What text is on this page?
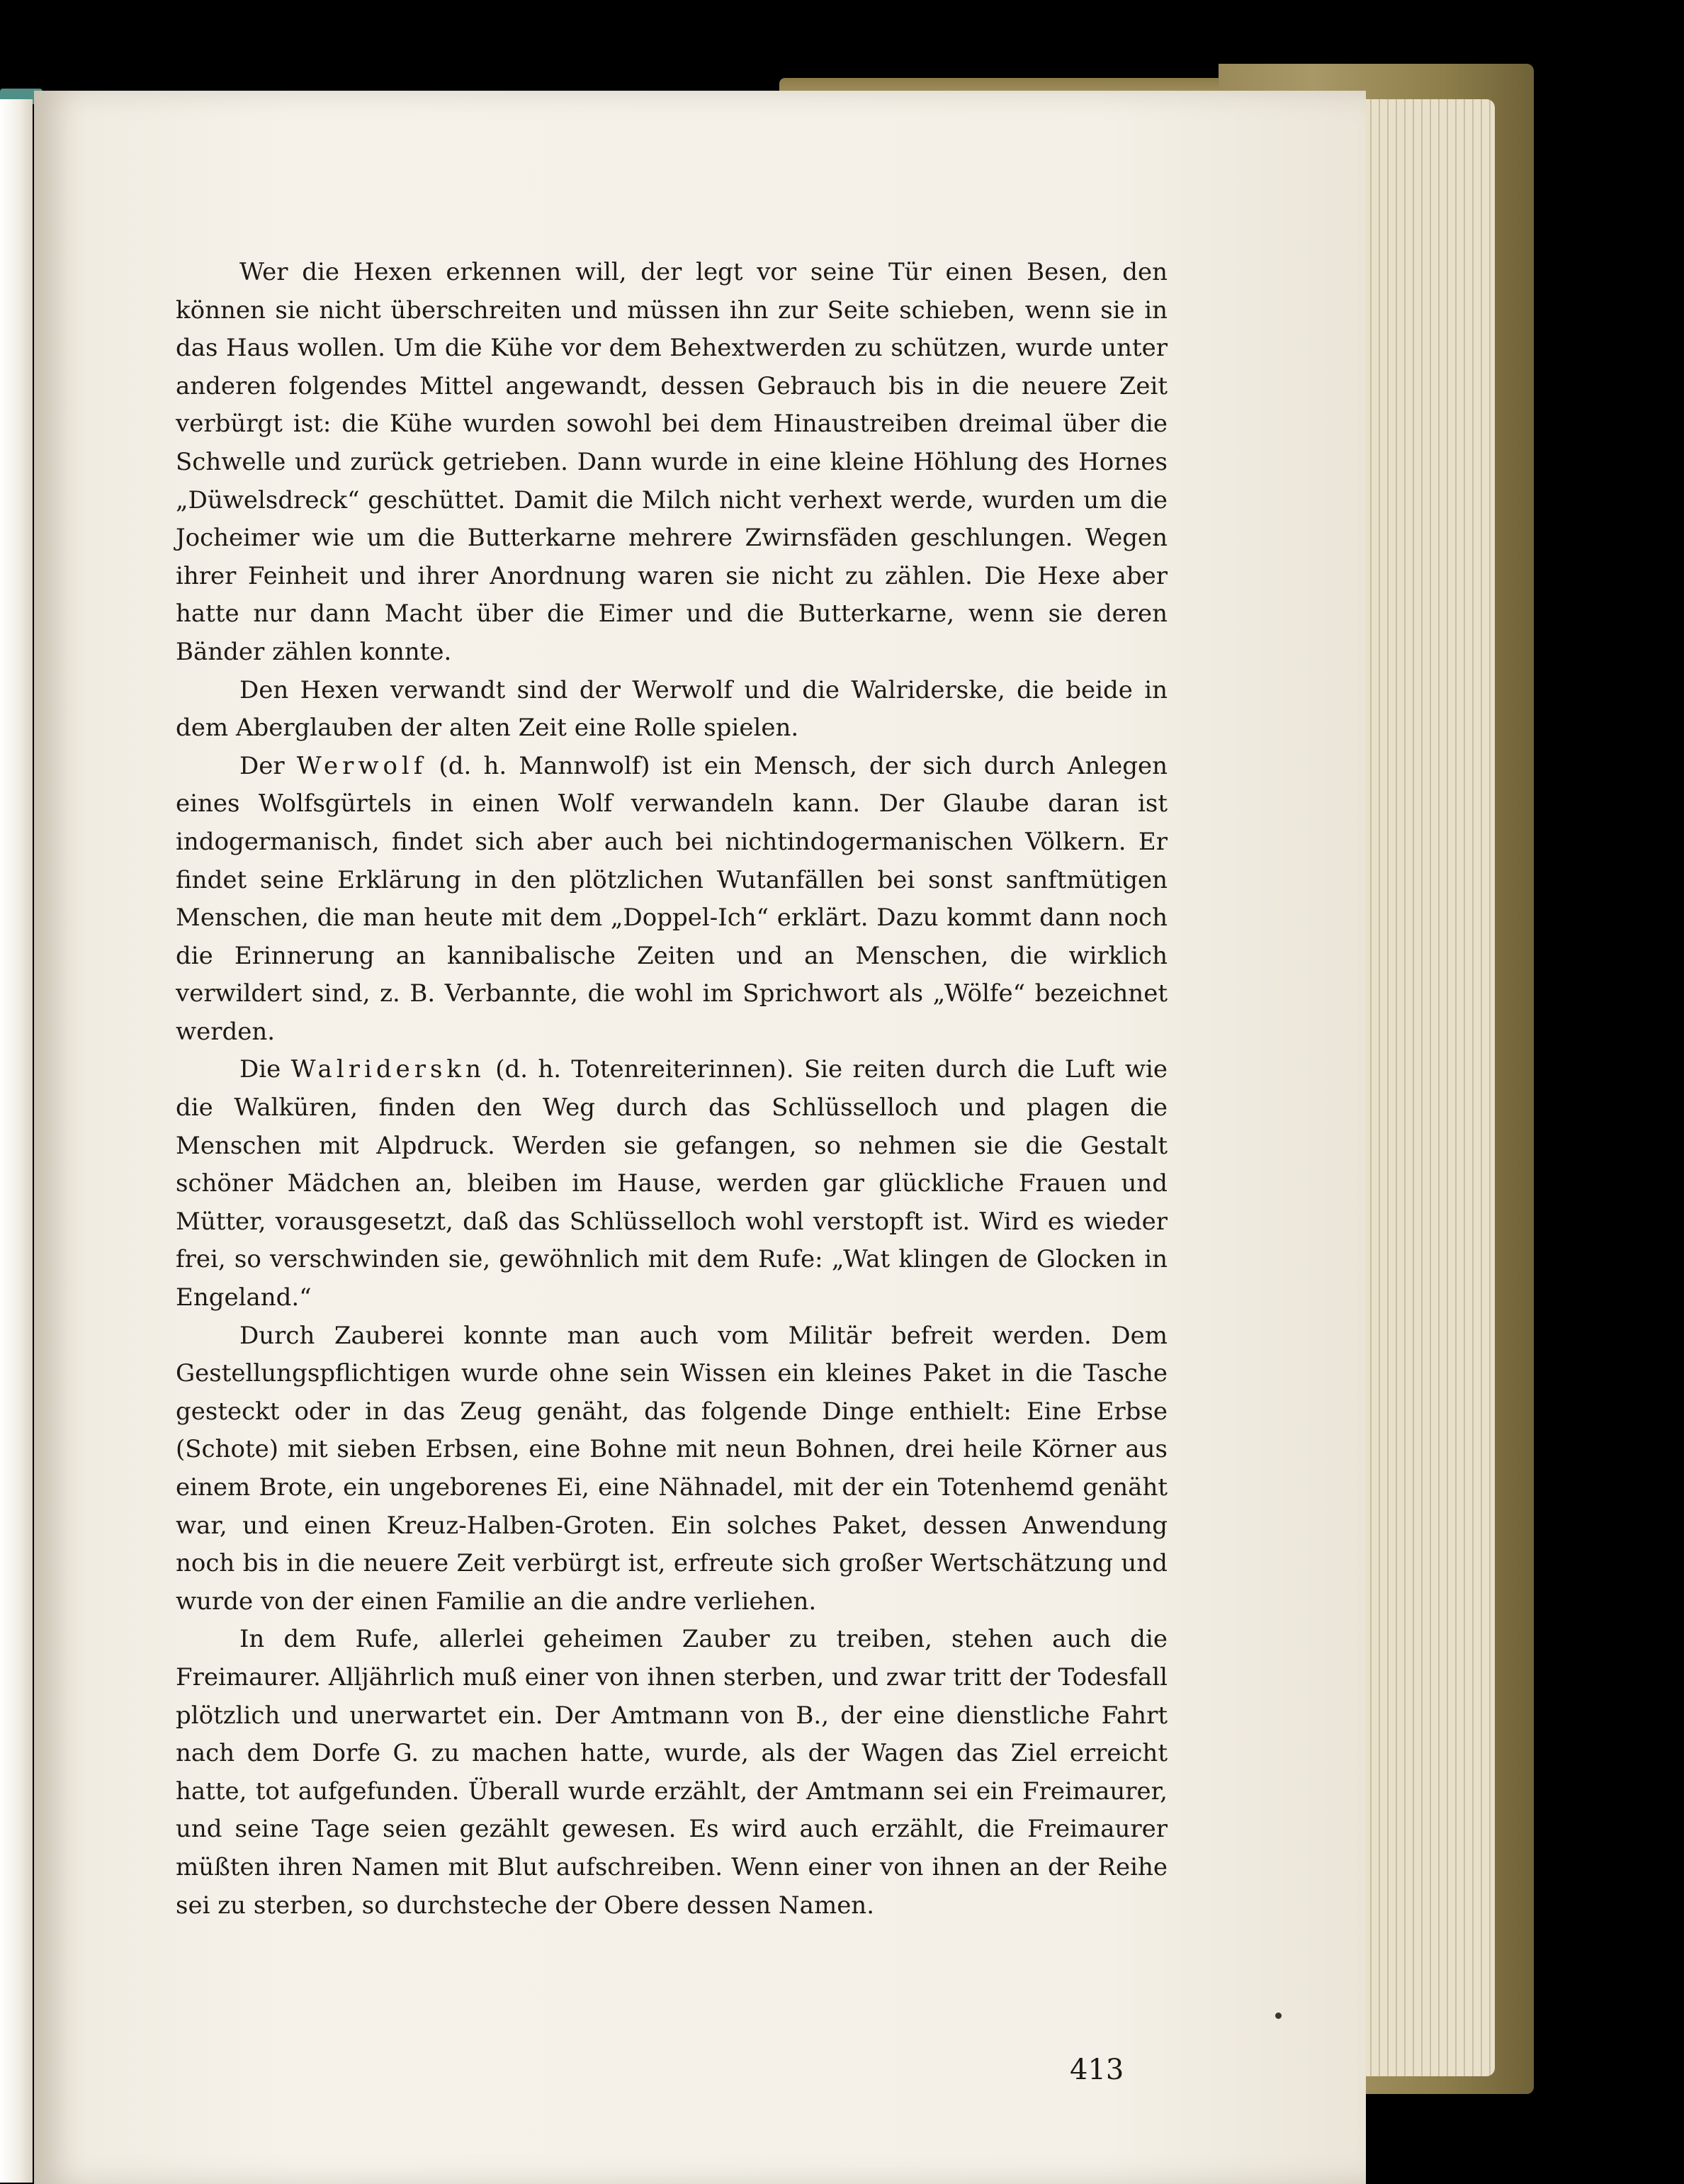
Wer die Hexen erkennen will, der legt vor seine Tür einen Besen, den können sie nicht überschreiten und müssen ihn zur Seite schieben, wenn sie in das Haus wollen. Um die Kühe vor dem Behextwerden zu schützen, wurde unter anderen folgendes Mittel angewandt, dessen Gebrauch bis in die neuere Zeit verbürgt ist: die Kühe wurden sowohl bei dem Hinaustreiben dreimal über die Schwelle und zurück getrieben. Dann wurde in eine kleine Höhlung des Hornes „Düwelsdreck“ geschüttet. Damit die Milch nicht verhext werde, wurden um die Jocheimer wie um die Butterkarne mehrere Zwirnsfäden geschlungen. Wegen ihrer Feinheit und ihrer Anordnung waren sie nicht zu zählen. Die Hexe aber hatte nur dann Macht über die Eimer und die Butterkarne, wenn sie deren Bänder zählen konnte.

Den Hexen verwandt sind der Werwolf und die Walriderske, die beide in dem Aberglauben der alten Zeit eine Rolle spielen.

Der Werwolf (d. h. Mannwolf) ist ein Mensch, der sich durch Anlegen eines Wolfsgürtels in einen Wolf verwandeln kann. Der Glaube daran ist indogermanisch, findet sich aber auch bei nichtindogermanischen Völkern. Er findet seine Erklärung in den plötzlichen Wutanfällen bei sonst sanftmütigen Menschen, die man heute mit dem „Doppel-Ich“ erklärt. Dazu kommt dann noch die Erinnerung an kannibalische Zeiten und an Menschen, die wirklich verwildert sind, z. B. Verbannte, die wohl im Sprichwort als „Wölfe“ bezeichnet werden.

Die Walriderskn (d. h. Totenreiterinnen). Sie reiten durch die Luft wie die Walküren, finden den Weg durch das Schlüsselloch und plagen die Menschen mit Alpdruck. Werden sie gefangen, so nehmen sie die Gestalt schöner Mädchen an, bleiben im Hause, werden gar glückliche Frauen und Mütter, vorausgesetzt, daß das Schlüsselloch wohl verstopft ist. Wird es wieder frei, so verschwinden sie, gewöhnlich mit dem Rufe: „Wat klingen de Glocken in Engeland.“

Durch Zauberei konnte man auch vom Militär befreit werden. Dem Gestellungspflichtigen wurde ohne sein Wissen ein kleines Paket in die Tasche gesteckt oder in das Zeug genäht, das folgende Dinge enthielt: Eine Erbse (Schote) mit sieben Erbsen, eine Bohne mit neun Bohnen, drei heile Körner aus einem Brote, ein ungeborenes Ei, eine Nähnadel, mit der ein Totenhemd genäht war, und einen Kreuz-Halben-Groten. Ein solches Paket, dessen Anwendung noch bis in die neuere Zeit verbürgt ist, erfreute sich großer Wertschätzung und wurde von der einen Familie an die andre verliehen.

In dem Rufe, allerlei geheimen Zauber zu treiben, stehen auch die Freimaurer. Alljährlich muß einer von ihnen sterben, und zwar tritt der Todesfall plötzlich und unerwartet ein. Der Amtmann von B., der eine dienstliche Fahrt nach dem Dorfe G. zu machen hatte, wurde, als der Wagen das Ziel erreicht hatte, tot aufgefunden. Überall wurde erzählt, der Amtmann sei ein Freimaurer, und seine Tage seien gezählt gewesen. Es wird auch erzählt, die Freimaurer müßten ihren Namen mit Blut aufschreiben. Wenn einer von ihnen an der Reihe sei zu sterben, so durchsteche der Obere dessen Namen.

413
